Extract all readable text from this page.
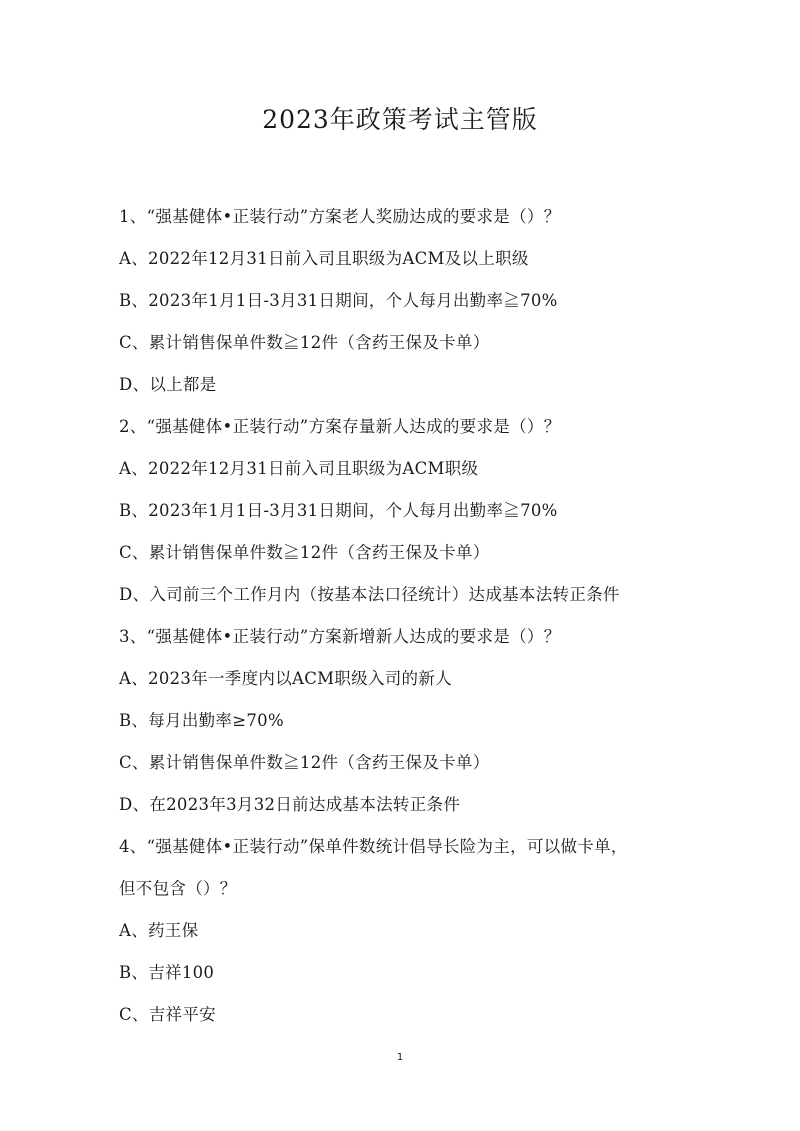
2023年政策考试主管版
1、“强基健体•正装行动”方案老人奖励达成的要求是（）？
A、2022年12月31日前入司且职级为ACM及以上职级
B、2023年1月1日-3月31日期间，个人每月出勤率≧70%
C、累计销售保单件数≧12件（含药王保及卡单）
D、以上都是
2、“强基健体•正装行动”方案存量新人达成的要求是（）？
A、2022年12月31日前入司且职级为ACM职级
B、2023年1月1日-3月31日期间，个人每月出勤率≧70%
C、累计销售保单件数≧12件（含药王保及卡单）
D、入司前三个工作月内（按基本法口径统计）达成基本法转正条件
3、“强基健体•正装行动”方案新增新人达成的要求是（）？
A、2023年一季度内以ACM职级入司的新人
B、每月出勤率≥70%
C、累计销售保单件数≧12件（含药王保及卡单）
D、在2023年3月32日前达成基本法转正条件
4、“强基健体•正装行动”保单件数统计倡导长险为主，可以做卡单，
但不包含（）？
A、药王保
B、吉祥100
C、吉祥平安
1
